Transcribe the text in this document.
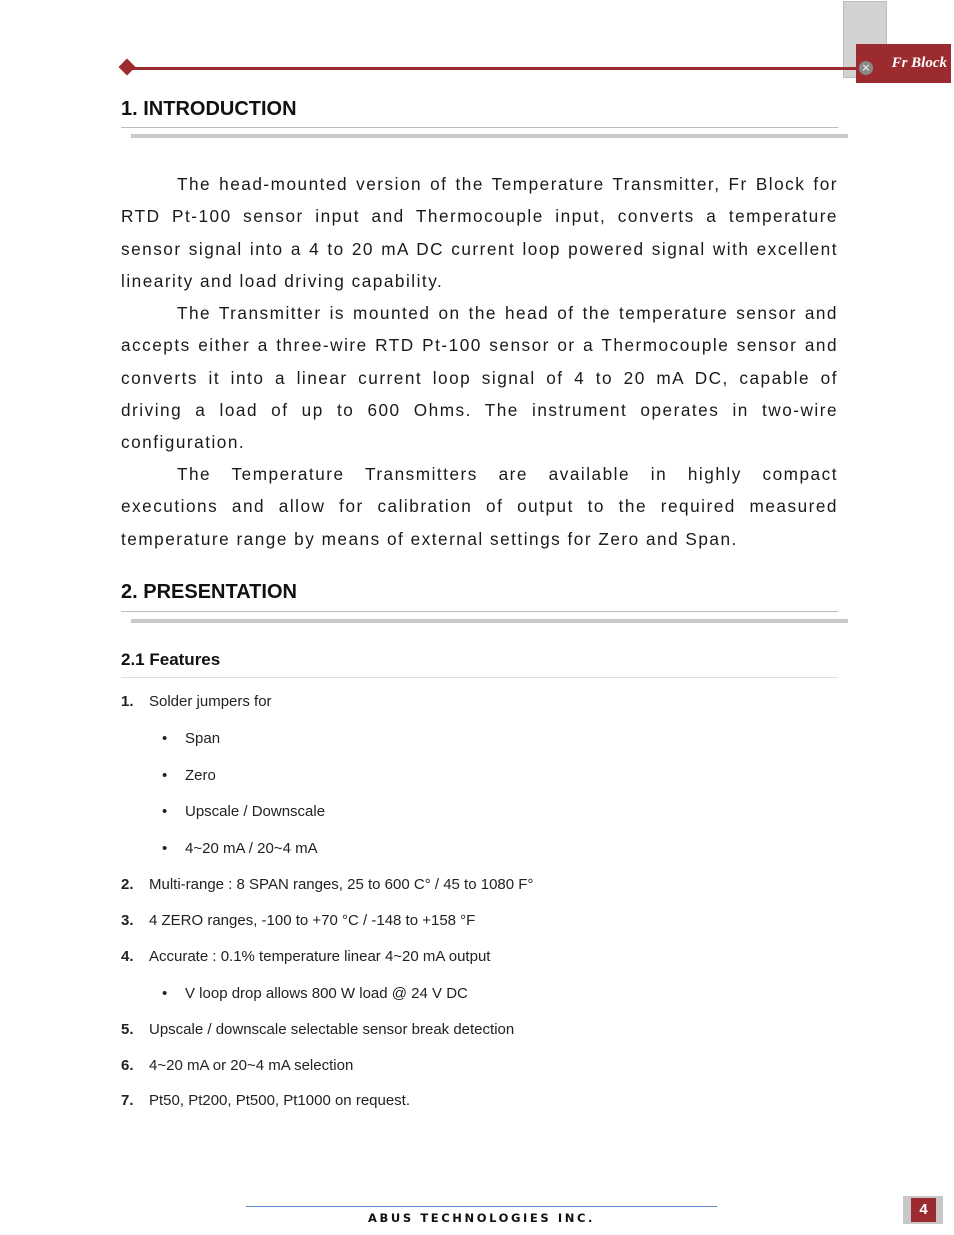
Fr Block
×
1. INTRODUCTION

The head-mounted version of the Temperature Transmitter, Fr Block for RTD Pt-100 sensor input and Thermocouple input, converts a temperature sensor signal into a 4 to 20 mA DC current loop powered signal with excellent linearity and load driving capability.

The Transmitter is mounted on the head of the temperature sensor and accepts either a three-wire RTD Pt-100 sensor or a Thermocouple sensor and converts it into a linear current loop signal of 4 to 20 mA DC, capable of driving a load of up to 600 Ohms. The instrument operates in two-wire configuration.

The Temperature Transmitters are available in highly compact executions and allow for calibration of output to the required measured temperature range by means of external settings for Zero and Span.

2. PRESENTATION
2.1 Features
1. Solder jumpers for
• Span
• Zero
• Upscale / Downscale
• 4~20 mA / 20~4 mA
2. Multi-range : 8 SPAN ranges, 25 to 600 C° / 45 to 1080 F°
3. 4 ZERO ranges, -100 to +70 °C / -148 to +158 °F
4. Accurate : 0.1% temperature linear 4~20 mA output
• V loop drop allows 800 W load @ 24 V DC
5. Upscale / downscale selectable sensor break detection
6. 4~20 mA or 20~4 mA selection
7. Pt50, Pt200, Pt500, Pt1000 on request.
ABUS TECHNOLOGIES INC.	4
